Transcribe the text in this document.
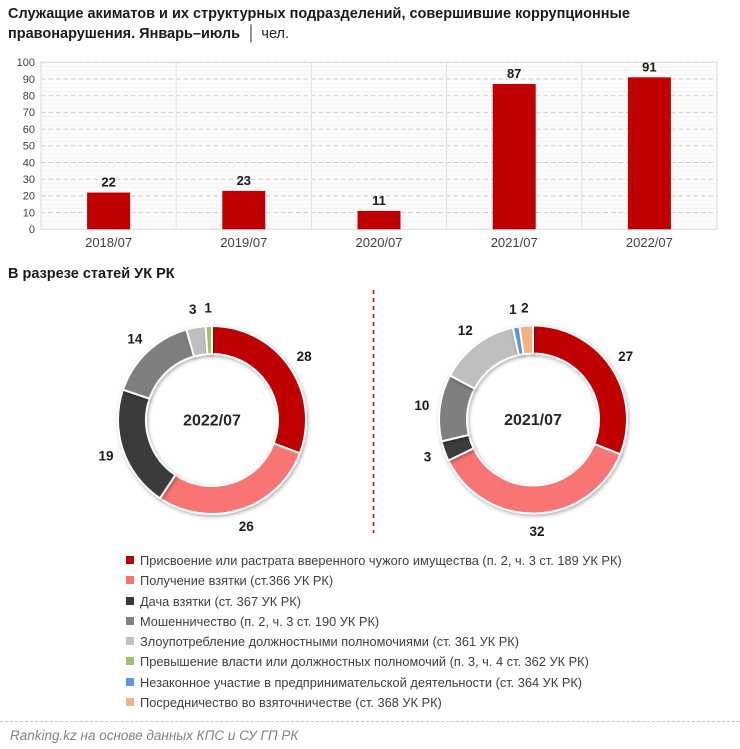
Служащие акиматов и их структурных подразделений, совершившие коррупционные
правонарушения. Январь–июль │ чел.
0
10
20
30
40
50
60
70
80
90
100
22
2018/07
23
2019/07
11
2020/07
87
2021/07
91
2022/07
В разрезе статей УК РК
28
26
19
14
3 1
2022/07
27
32
3
10
12
1 2
2021/07
Присвоение или растрата вверенного чужого имущества (п. 2, ч. 3 ст. 189 УК РК)
Получение взятки (ст.366 УК РК)
Дача взятки (ст. 367 УК РК)
Мошенничество (п. 2, ч. 3 ст. 190 УК РК)
Злоупотребление должностными полномочиями (ст. 361 УК РК)
Превышение власти или должностных полномочий (п. 3, ч. 4 ст. 362 УК РК)
Незаконное участие в предпринимательской деятельности (ст. 364 УК РК)
Посредничество во взяточничестве (ст. 368 УК РК)
Ranking.kz на основе данных КПС и СУ ГП РК
